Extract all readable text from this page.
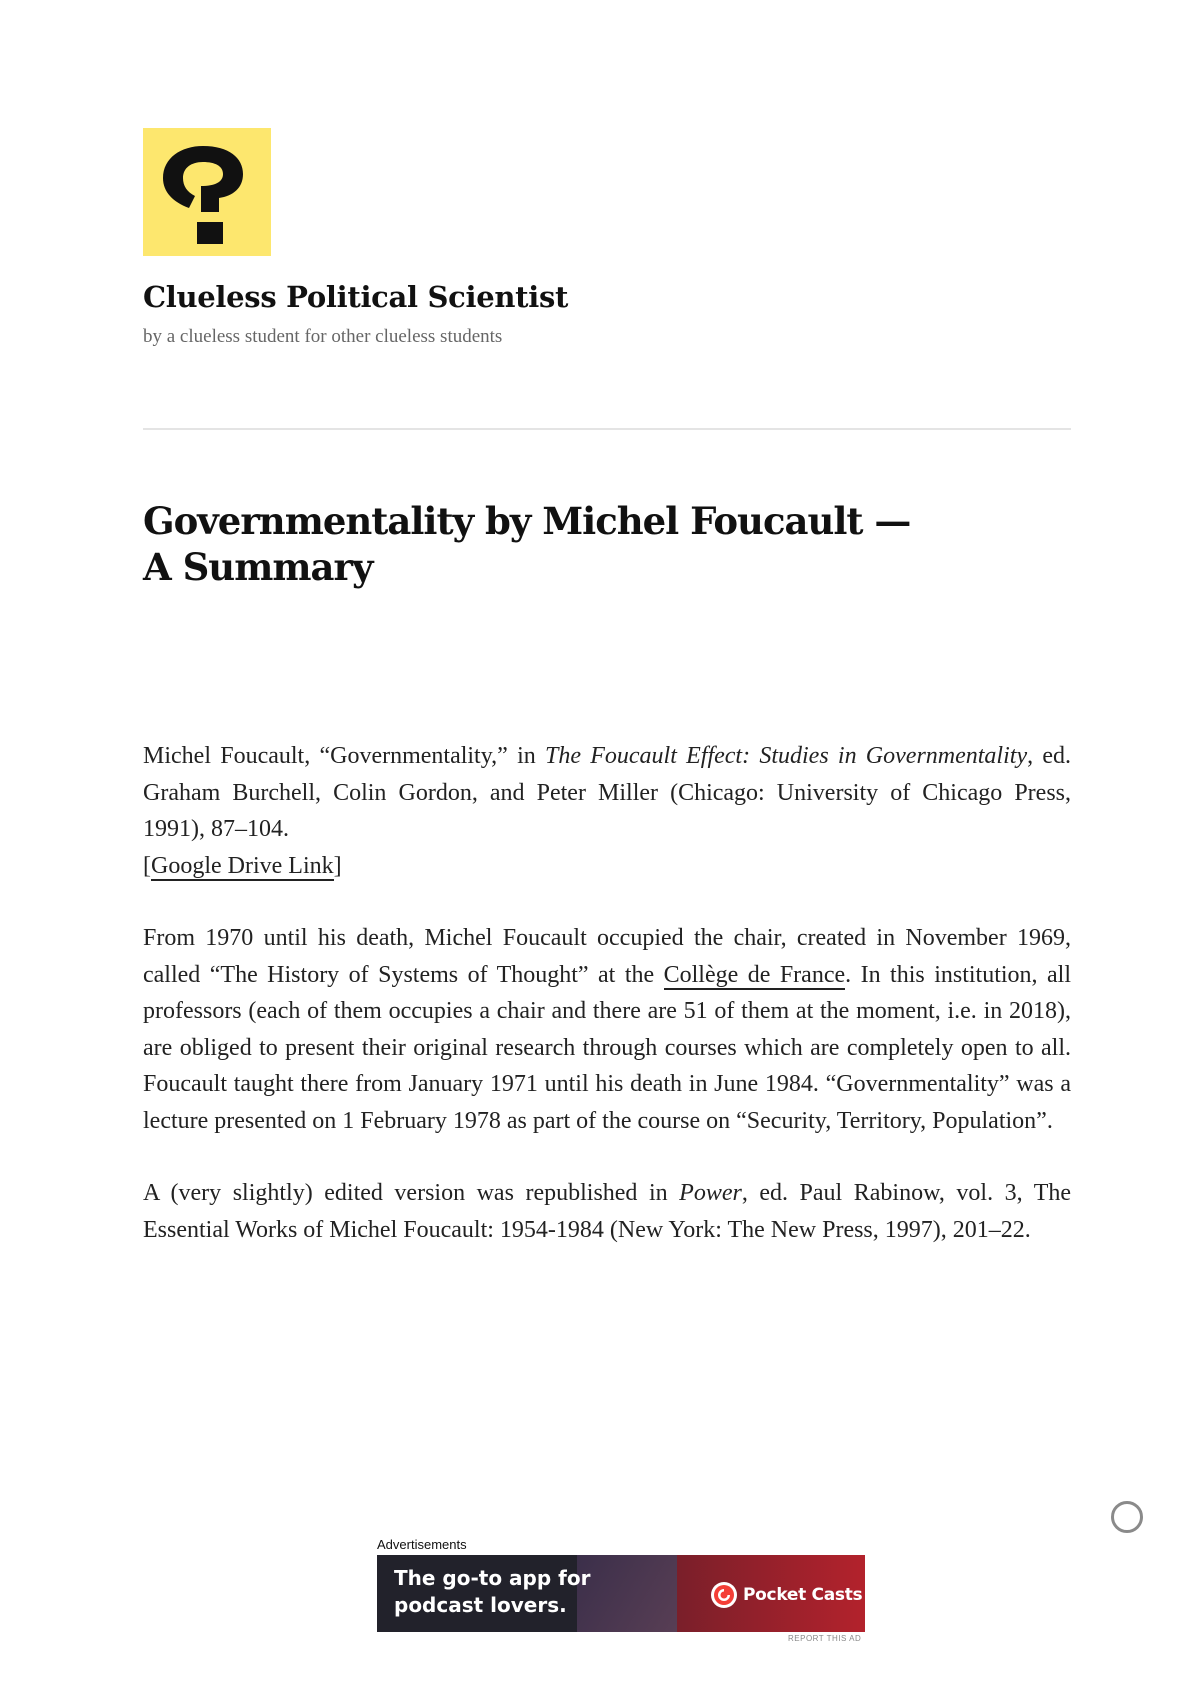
Clueless Political Scientist
by a clueless student for other clueless students
Governmentality by Michel Foucault — A Summary

Michel Foucault, “Governmentality,” in The Foucault Effect: Studies in Governmentality, ed. Graham Burchell, Colin Gordon, and Peter Miller (Chicago: University of Chicago Press, 1991), 87–104.
[Google Drive Link]

From 1970 until his death, Michel Foucault occupied the chair, created in November 1969, called “The History of Systems of Thought” at the Collège de France. In this institution, all professors (each of them occupies a chair and there are 51 of them at the moment, i.e. in 2018), are obliged to present their original research through courses which are completely open to all. Foucault taught there from January 1971 until his death in June 1984. “Governmentality” was a lecture presented on 1 February 1978 as part of the course on “Security, Territory, Population”.

A (very slightly) edited version was republished in Power, ed. Paul Rabinow, vol. 3, The Essential Works of Michel Foucault: 1954-1984 (New York: The New Press, 1997), 201–22.

Advertisements
The go-to app for podcast lovers.	Pocket Casts
REPORT THIS AD
